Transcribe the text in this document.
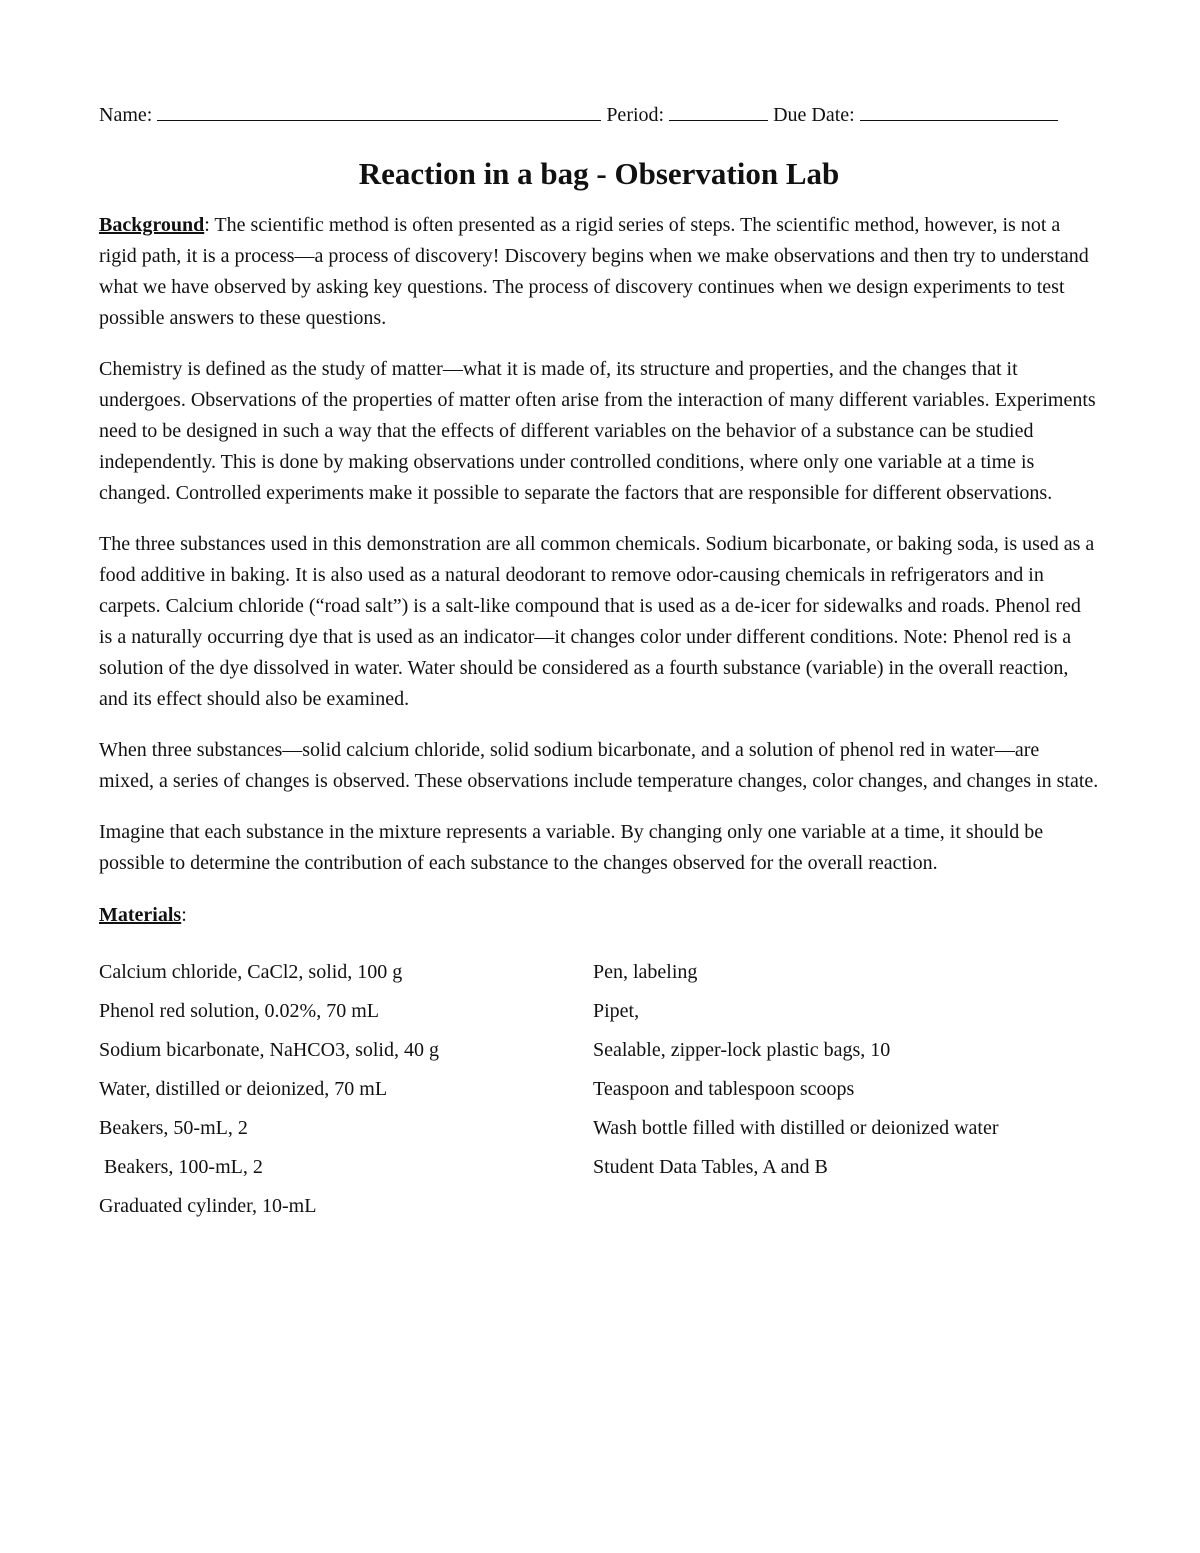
Name:	Period:	Due Date:
Reaction in a bag - Observation Lab

Background: The scientific method is often presented as a rigid series of steps. The scientific method, however, is not a rigid path, it is a process—a process of discovery! Discovery begins when we make observations and then try to understand what we have observed by asking key questions. The process of discovery continues when we design experiments to test possible answers to these questions.

Chemistry is defined as the study of matter—what it is made of, its structure and properties, and the changes that it undergoes. Observations of the properties of matter often arise from the interaction of many different variables. Experiments need to be designed in such a way that the effects of different variables on the behavior of a substance can be studied independently. This is done by making observations under controlled conditions, where only one variable at a time is changed. Controlled experiments make it possible to separate the factors that are responsible for different observations.

The three substances used in this demonstration are all common chemicals. Sodium bicarbonate, or baking soda, is used as a food additive in baking. It is also used as a natural deodorant to remove odor-causing chemicals in refrigerators and in carpets. Calcium chloride (“road salt”) is a salt-like compound that is used as a de-icer for sidewalks and roads. Phenol red is a naturally occurring dye that is used as an indicator—it changes color under different conditions. Note: Phenol red is a solution of the dye dissolved in water. Water should be considered as a fourth substance (variable) in the overall reaction, and its effect should also be examined.

When three substances—solid calcium chloride, solid sodium bicarbonate, and a solution of phenol red in water—are mixed, a series of changes is observed. These observations include temperature changes, color changes, and changes in state.

Imagine that each substance in the mixture represents a variable. By changing only one variable at a time, it should be possible to determine the contribution of each substance to the changes observed for the overall reaction.

Materials:
Calcium chloride, CaCl2, solid, 100 g
Phenol red solution, 0.02%, 70 mL
Sodium bicarbonate, NaHCO3, solid, 40 g
Water, distilled or deionized, 70 mL
Beakers, 50-mL, 2
Beakers, 100-mL, 2
Graduated cylinder, 10-mL
Pen, labeling
Pipet,
Sealable, zipper-lock plastic bags, 10
Teaspoon and tablespoon scoops
Wash bottle filled with distilled or deionized water
Student Data Tables, A and B
